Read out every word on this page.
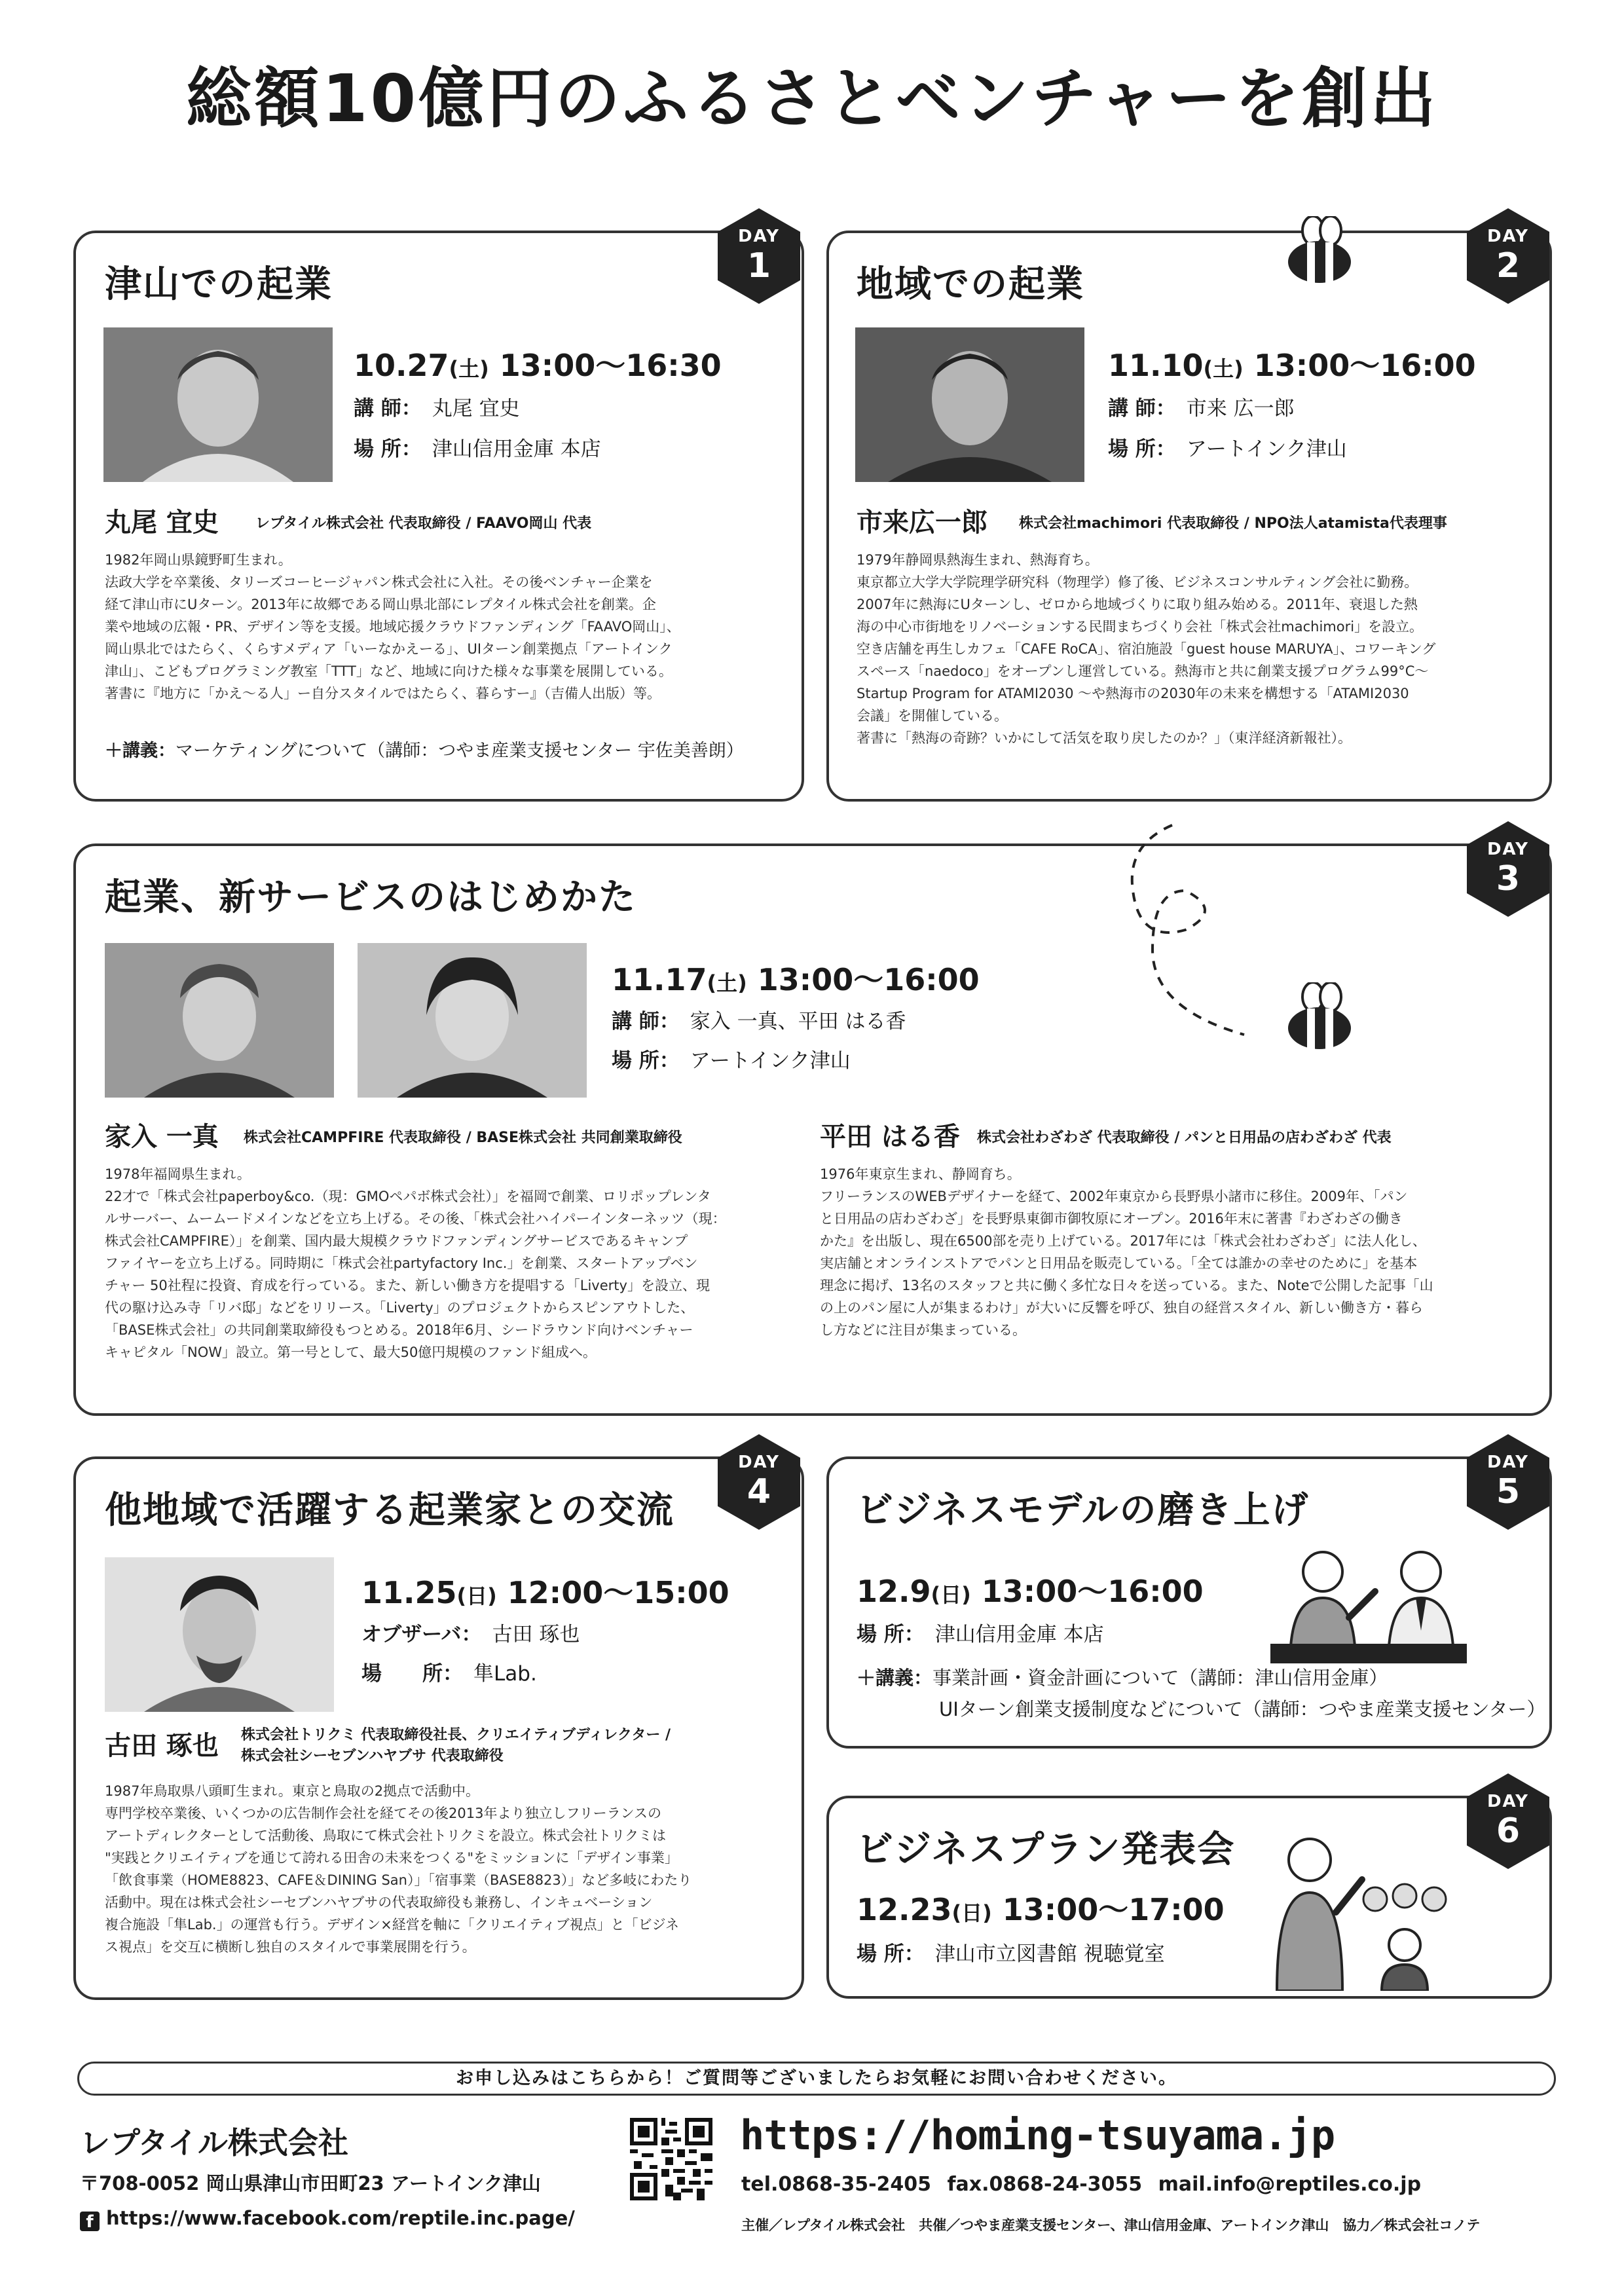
総額10億円のふるさとベンチャーを創出
DAY
1
津山での起業
10.27(土) 13:00〜16:30
講 師： 丸尾 宜史
場 所： 津山信用金庫 本店
丸尾 宜史	レプタイル株式会社 代表取締役 / FAAVO岡山 代表

1982年岡山県鏡野町生まれ。

法政大学を卒業後、タリーズコーヒージャパン株式会社に入社。その後ベンチャー企業を

経て津山市にUターン。2013年に故郷である岡山県北部にレプタイル株式会社を創業。企

業や地域の広報・PR、デザイン等を支援。地域応援クラウドファンディング「FAAVO岡山」、

岡山県北ではたらく、くらすメディア「いーなかえーる」、UIターン創業拠点「アートインク

津山」、こどもプログラミング教室「TTT」など、地域に向けた様々な事業を展開している。

著書に『地方に「かえ〜る人」ー自分スタイルではたらく、暮らすー』（吉備人出版）等。

＋講義：マーケティングについて（講師：つやま産業支援センター 宇佐美善朗）
DAY
2
地域での起業
11.10(土) 13:00〜16:00
講 師： 市来 広一郎
場 所： アートインク津山
市来広一郎 株式会社machimori 代表取締役 / NPO法人atamista代表理事

1979年静岡県熱海生まれ、熱海育ち。

東京都立大学大学院理学研究科（物理学）修了後、ビジネスコンサルティング会社に勤務。

2007年に熱海にUターンし、ゼロから地域づくりに取り組み始める。2011年、衰退した熱

海の中心市街地をリノベーションする民間まちづくり会社「株式会社machimori」を設立。

空き店舗を再生しカフェ「CAFE RoCA」、宿泊施設「guest house MARUYA」、コワーキング

スペース「naedoco」をオープンし運営している。熱海市と共に創業支援プログラム99°C〜

Startup Program for ATAMI2030 〜や熱海市の2030年の未来を構想する「ATAMI2030

会議」を開催している。

著書に「熱海の奇跡？いかにして活気を取り戻したのか？」（東洋経済新報社）。

DAY
3
起業、新サービスのはじめかた
11.17(土) 13:00〜16:00
講 師： 家入 一真、平田 はる香
場 所： アートインク津山
家入 一真 株式会社CAMPFIRE 代表取締役 / BASE株式会社 共同創業取締役

1978年福岡県生まれ。

22才で「株式会社paperboy&co.（現：GMOペパボ株式会社）」を福岡で創業、ロリポップレンタ

ルサーバー、ムームードメインなどを立ち上げる。その後、「株式会社ハイパーインターネッツ（現：

株式会社CAMPFIRE）」を創業、国内最大規模クラウドファンディングサービスであるキャンプ

ファイヤーを立ち上げる。同時期に「株式会社partyfactory Inc.」を創業、スタートアップベン

チャー 50社程に投資、育成を行っている。また、新しい働き方を提唱する「Liverty」を設立、現

代の駆け込み寺「リバ邸」などをリリース。「Liverty」のプロジェクトからスピンアウトした、

「BASE株式会社」の共同創業取締役もつとめる。2018年6月、シードラウンド向けベンチャー

キャピタル「NOW」設立。第一号として、最大50億円規模のファンド組成へ。

平田 はる香 株式会社わざわざ 代表取締役 / パンと日用品の店わざわざ 代表

1976年東京生まれ、静岡育ち。

フリーランスのWEBデザイナーを経て、2002年東京から長野県小諸市に移住。2009年、「パン

と日用品の店わざわざ」を長野県東御市御牧原にオープン。2016年末に著書『わざわざの働き

かた』を出版し、現在6500部を売り上げている。2017年には「株式会社わざわざ」に法人化し、

実店舗とオンラインストアでパンと日用品を販売している。「全ては誰かの幸せのために」を基本

理念に掲げ、13名のスタッフと共に働く多忙な日々を送っている。また、Noteで公開した記事「山

の上のパン屋に人が集まるわけ」が大いに反響を呼び、独自の経営スタイル、新しい働き方・暮ら

し方などに注目が集まっている。

DAY
4
他地域で活躍する起業家との交流
11.25(日) 12:00〜15:00
オブザーバ： 古田 琢也
場　　所： 隼Lab.
古田 琢也 株式会社トリクミ 代表取締役社長、クリエイティブディレクター /
株式会社シーセブンハヤブサ 代表取締役

1987年鳥取県八頭町生まれ。東京と鳥取の2拠点で活動中。

専門学校卒業後、いくつかの広告制作会社を経てその後2013年より独立しフリーランスの

アートディレクターとして活動後、鳥取にて株式会社トリクミを設立。株式会社トリクミは

"実践とクリエイティブを通じて誇れる田舎の未来をつくる"をミッションに「デザイン事業」

「飲食事業（HOME8823、CAFE＆DINING San）」「宿事業（BASE8823）」など多岐にわたり

活動中。現在は株式会社シーセブンハヤブサの代表取締役も兼務し、インキュベーション

複合施設「隼Lab.」の運営も行う。デザイン×経営を軸に「クリエイティブ視点」と「ビジネ

ス視点」を交互に横断し独自のスタイルで事業展開を行う。

DAY
5
ビジネスモデルの磨き上げ
12.9(日) 13:00〜16:00
場 所： 津山信用金庫 本店
＋講義：事業計画・資金計画について（講師：津山信用金庫）
UIターン創業支援制度などについて（講師：つやま産業支援センター）
DAY
6
ビジネスプラン発表会
12.23(日) 13:00〜17:00
場 所： 津山市立図書館 視聴覚室
お申し込みはこちらから！ご質問等ございましたらお気軽にお問い合わせください。
レプタイル株式会社
〒708-0052 岡山県津山市田町23 アートインク津山
f https://www.facebook.com/reptile.inc.page/
https://homing-tsuyama.jp
tel.0868-35-2405 fax.0868-24-3055 mail.info@reptiles.co.jp
主催／レプタイル株式会社　共催／つやま産業支援センター、津山信用金庫、アートインク津山　協力／株式会社コノテ
